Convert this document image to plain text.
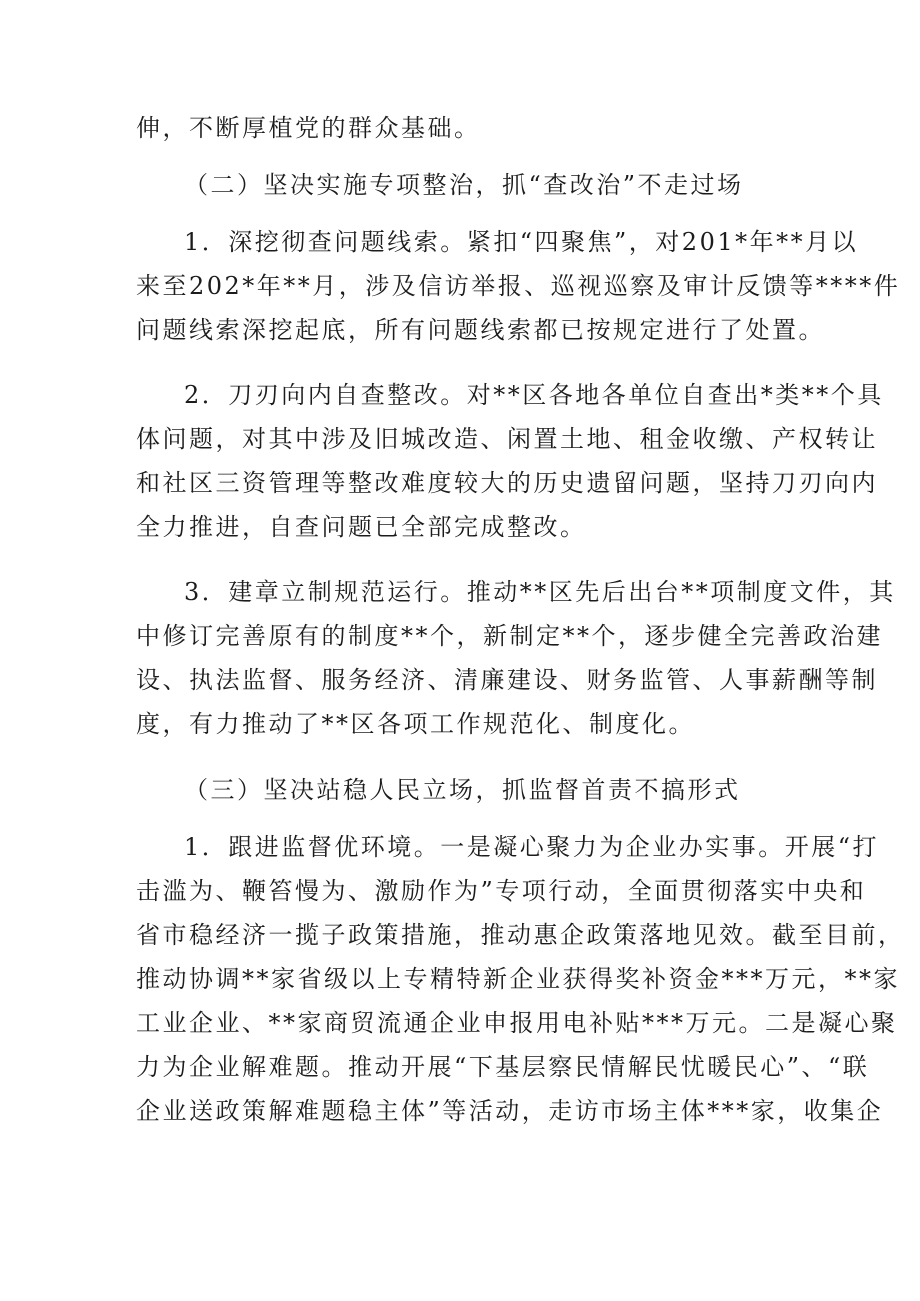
伸，不断厚植党的群众基础。
（二）坚决实施专项整治，抓“查改治”不走过场
1．深挖彻查问题线索。紧扣“四聚焦”，对201*年**月以
来至202*年**月，涉及信访举报、巡视巡察及审计反馈等****件
问题线索深挖起底，所有问题线索都已按规定进行了处置。
2．刀刃向内自查整改。对**区各地各单位自查出*类**个具
体问题，对其中涉及旧城改造、闲置土地、租金收缴、产权转让
和社区三资管理等整改难度较大的历史遗留问题，坚持刀刃向内
全力推进，自查问题已全部完成整改。
3．建章立制规范运行。推动**区先后出台**项制度文件，其
中修订完善原有的制度**个，新制定**个，逐步健全完善政治建
设、执法监督、服务经济、清廉建设、财务监管、人事薪酬等制
度，有力推动了**区各项工作规范化、制度化。
（三）坚决站稳人民立场，抓监督首责不搞形式
1．跟进监督优环境。一是凝心聚力为企业办实事。开展“打
击滥为、鞭笞慢为、激励作为”专项行动，全面贯彻落实中央和
省市稳经济一揽子政策措施，推动惠企政策落地见效。截至目前，
推动协调**家省级以上专精特新企业获得奖补资金***万元，**家
工业企业、**家商贸流通企业申报用电补贴***万元。二是凝心聚
力为企业解难题。推动开展“下基层察民情解民忧暖民心”、“联
企业送政策解难题稳主体”等活动，走访市场主体***家，收集企
